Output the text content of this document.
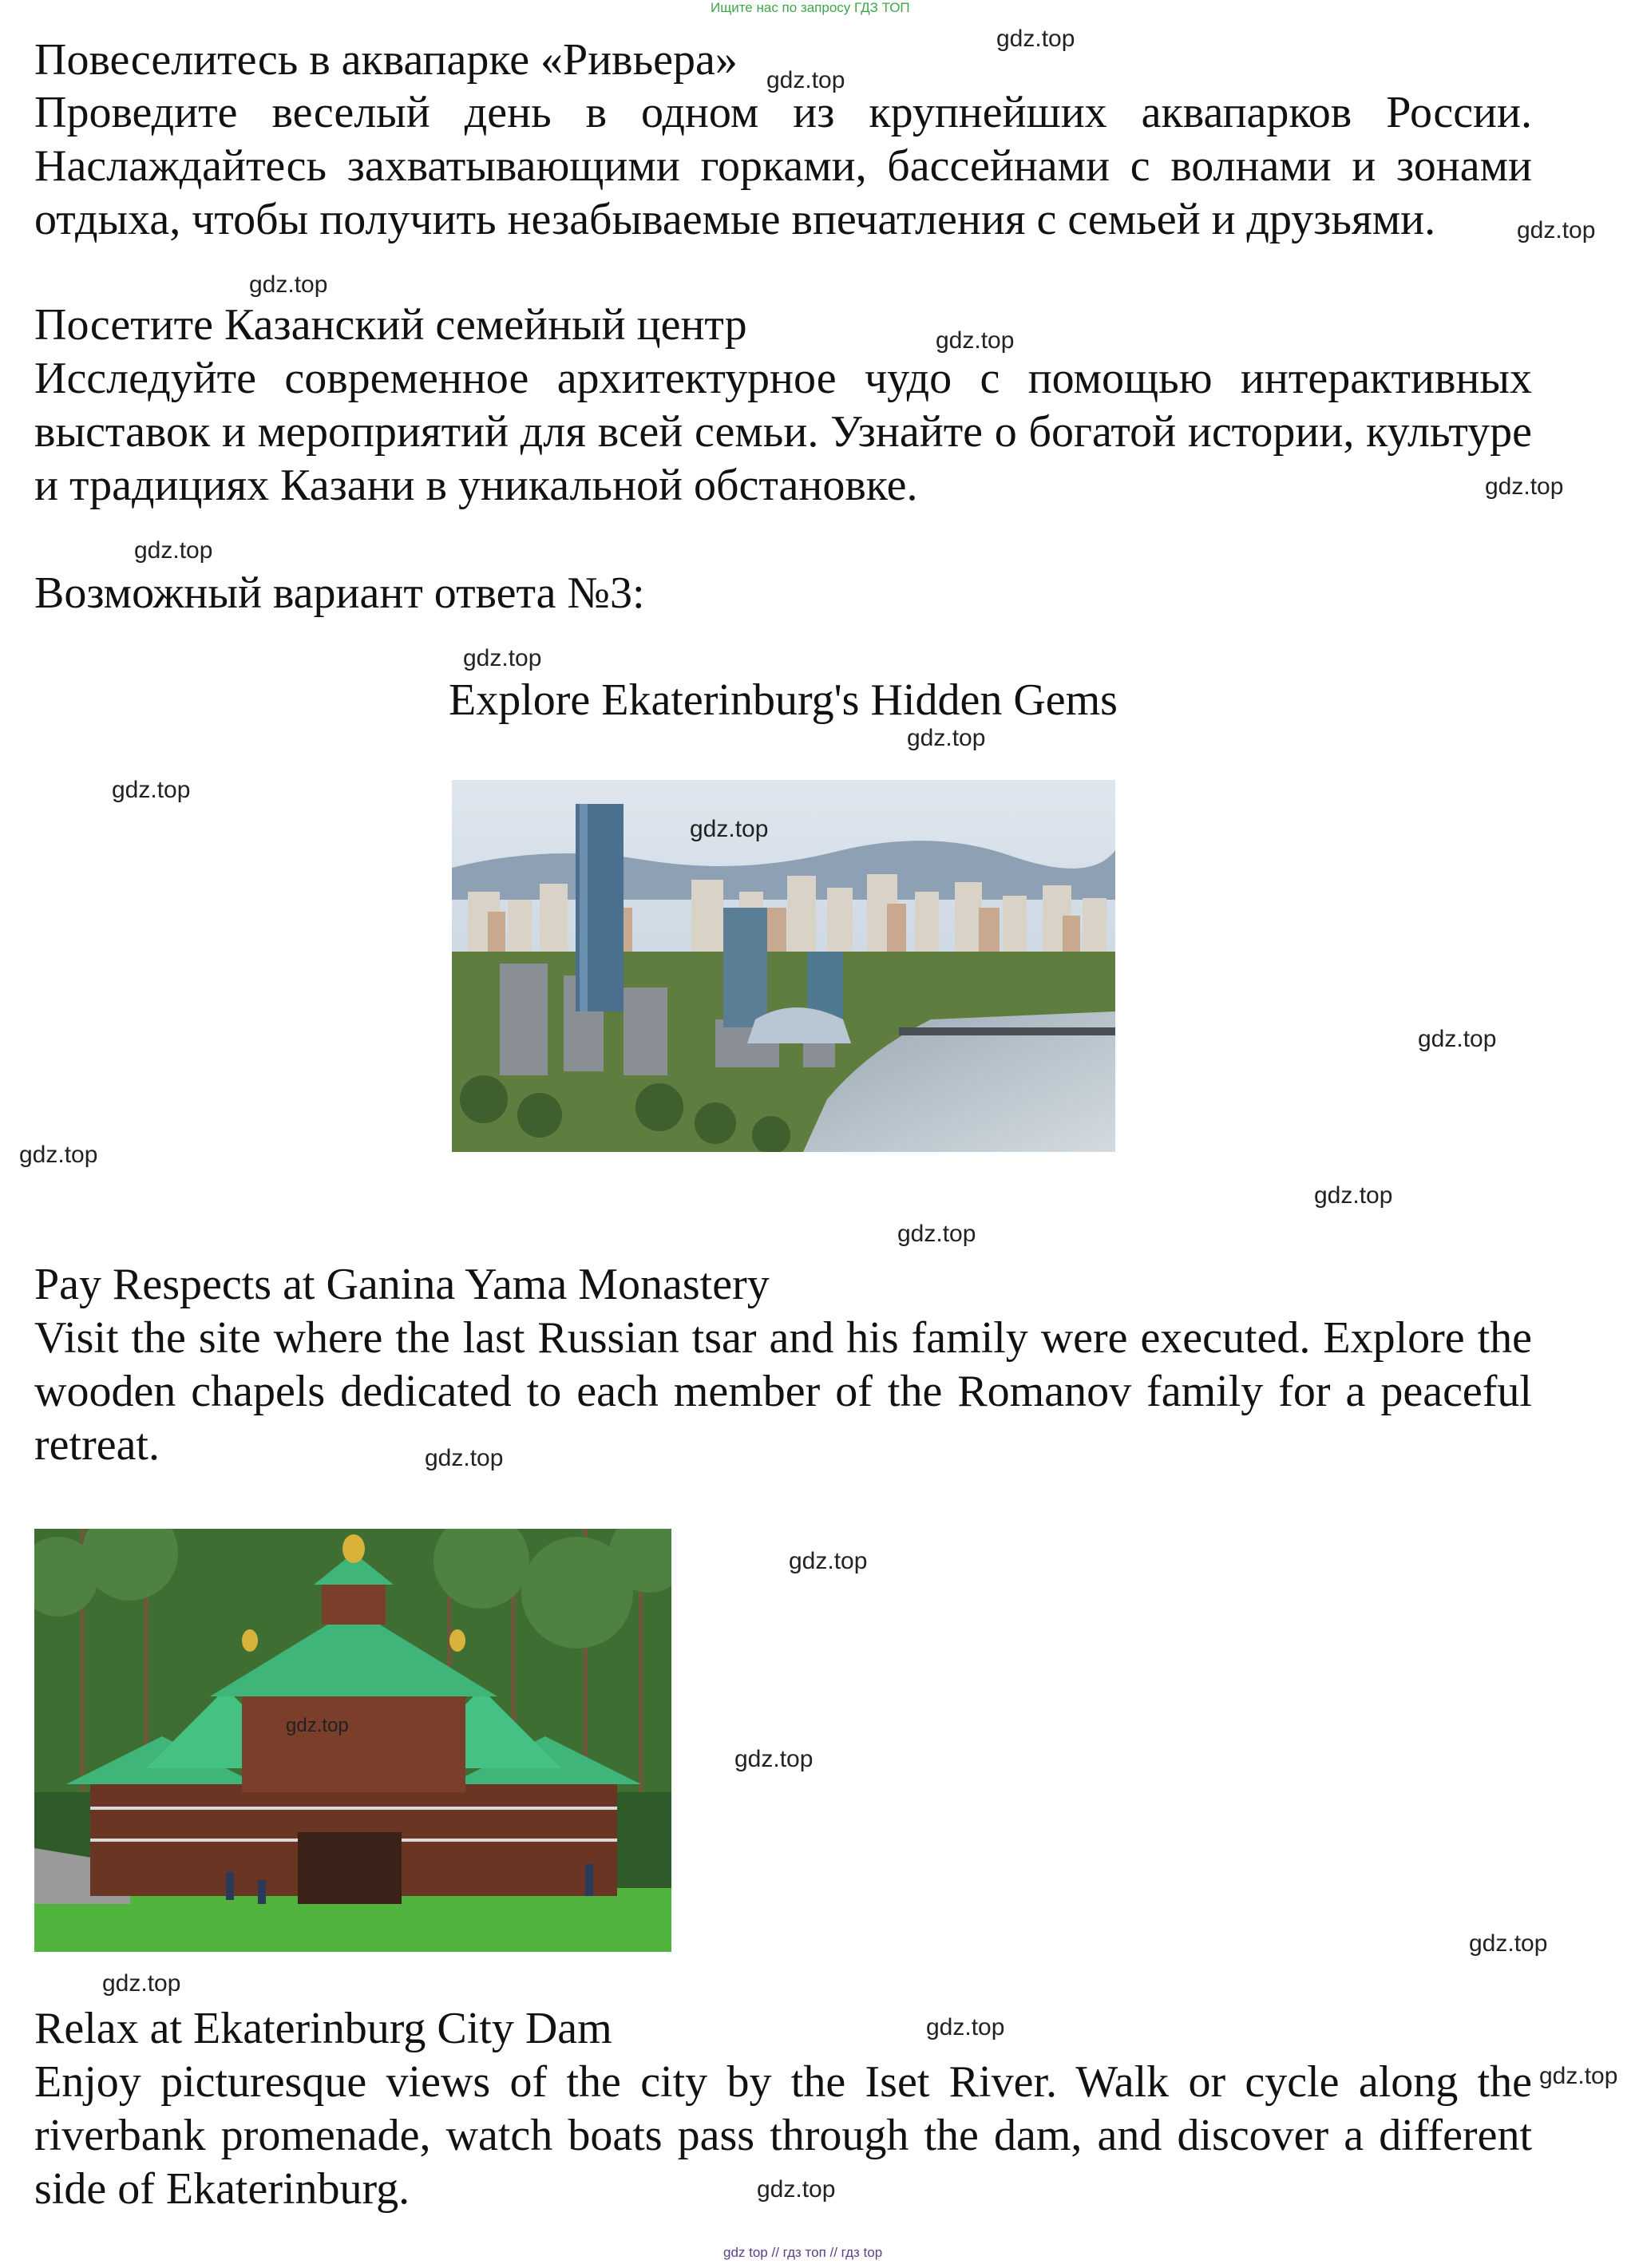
Ищите нас по запросу ГДЗ ТОП
Повеселитесь в аквапарке «Ривьера»

Проведите веселый день в одном из крупнейших аквапарков России. Наслаждайтесь захватывающими горками, бассейнами с волнами и зонами отдыха, чтобы получить незабываемые впечатления с семьей и друзьями.

Посетите Казанский семейный центр

Исследуйте современное архитектурное чудо с помощью интерактивных выставок и мероприятий для всей семьи. Узнайте о богатой истории, культуре и традициях Казани в уникальной обстановке.

Возможный вариант ответа №3:
Explore Ekaterinburg's Hidden Gems
Pay Respects at Ganina Yama Monastery

Visit the site where the last Russian tsar and his family were executed. Explore the wooden chapels dedicated to each member of the Romanov family for a peaceful retreat.

Relax at Ekaterinburg City Dam

Enjoy picturesque views of the city by the Iset River. Walk or cycle along the riverbank promenade, watch boats pass through the dam, and discover a different side of Ekaterinburg.

gdz.top
gdz.top
gdz.top
gdz.top
gdz.top
gdz.top
gdz.top
gdz.top
gdz.top
gdz.top
gdz.top
gdz.top
gdz.top
gdz.top
gdz.top
gdz.top
gdz.top
gdz.top
gdz.top
gdz.top
gdz.top
gdz.top
gdz.top
gdz.top
gdz top // гдз топ // гдз top
